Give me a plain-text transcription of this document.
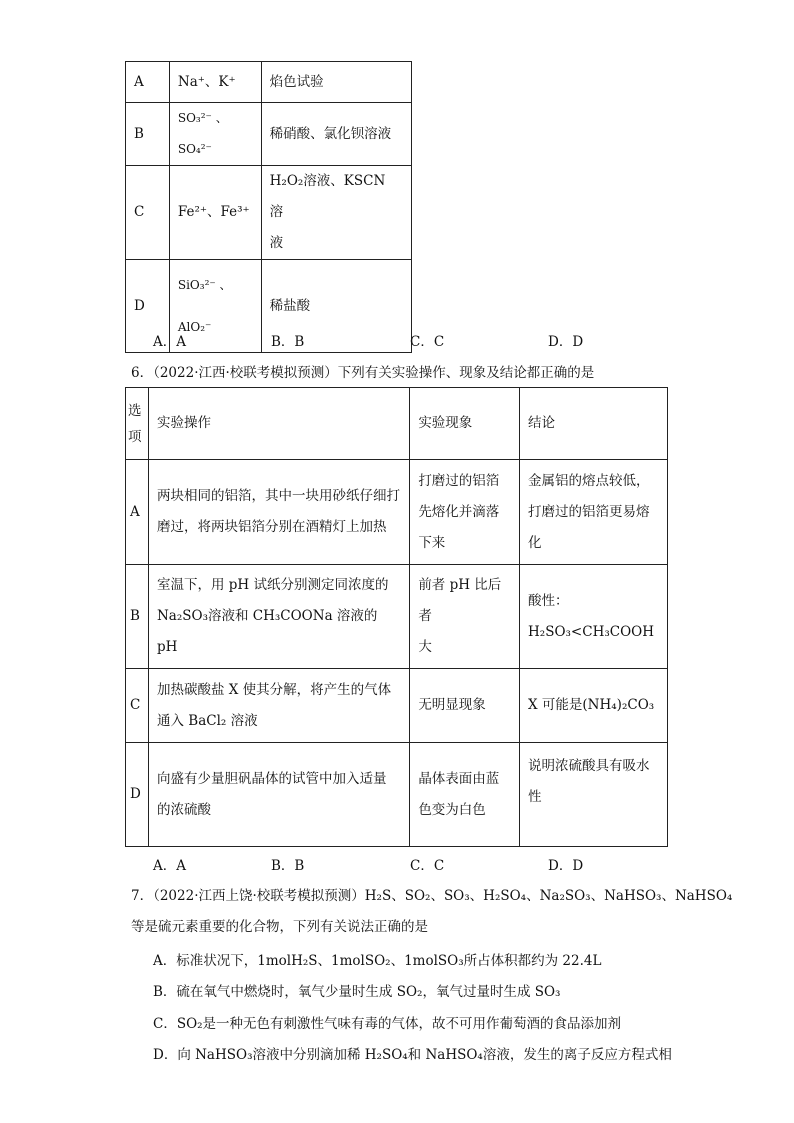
A	Na⁺、K⁺	焰色试验
B	SO₃²⁻ 、SO₄²⁻	稀硝酸、氯化钡溶液
C	Fe²⁺、Fe³⁺	H₂O₂溶液、KSCN 溶
液

D	SiO₃²⁻ 、
AlO₂⁻	稀盐酸
A．A	B．B	C．C	D．D
6．（2022·江西·校联考模拟预测）下列有关实验操作、现象及结论都正确的是
选
项	实验操作	实验现象	结论
A	两块相同的铝箔，其中一块用砂纸仔细打
磨过，将两块铝箔分别在酒精灯上加热	打磨过的铝箔
先熔化并滴落
下来	金属铝的熔点较低，
打磨过的铝箔更易熔
化

B	室温下，用 pH 试纸分别测定同浓度的
Na₂SO₃溶液和 CH₃COONa 溶液的 pH	前者 pH 比后者
大	酸性：
H₂SO₃<CH₃COOH

C	加热碳酸盐 X 使其分解，将产生的气体
通入 BaCl₂ 溶液	无明显现象	X 可能是(NH₄)₂CO₃

D	向盛有少量胆矾晶体的试管中加入适量
的浓硫酸	晶体表面由蓝
色变为白色	说明浓硫酸具有吸水
性
A．A	B．B	C．C	D．D
7．（2022·江西上饶·校联考模拟预测）H₂S、SO₂、SO₃、H₂SO₄、Na₂SO₃、NaHSO₃、NaHSO₄
等是硫元素重要的化合物，下列有关说法正确的是
A．标准状况下，1molH₂S、1molSO₂、1molSO₃所占体积都约为 22.4L
B．硫在氧气中燃烧时，氧气少量时生成 SO₂，氧气过量时生成 SO₃
C．SO₂是一种无色有刺激性气味有毒的气体，故不可用作葡萄酒的食品添加剂
D．向 NaHSO₃溶液中分别滴加稀 H₂SO₄和 NaHSO₄溶液，发生的离子反应方程式相
